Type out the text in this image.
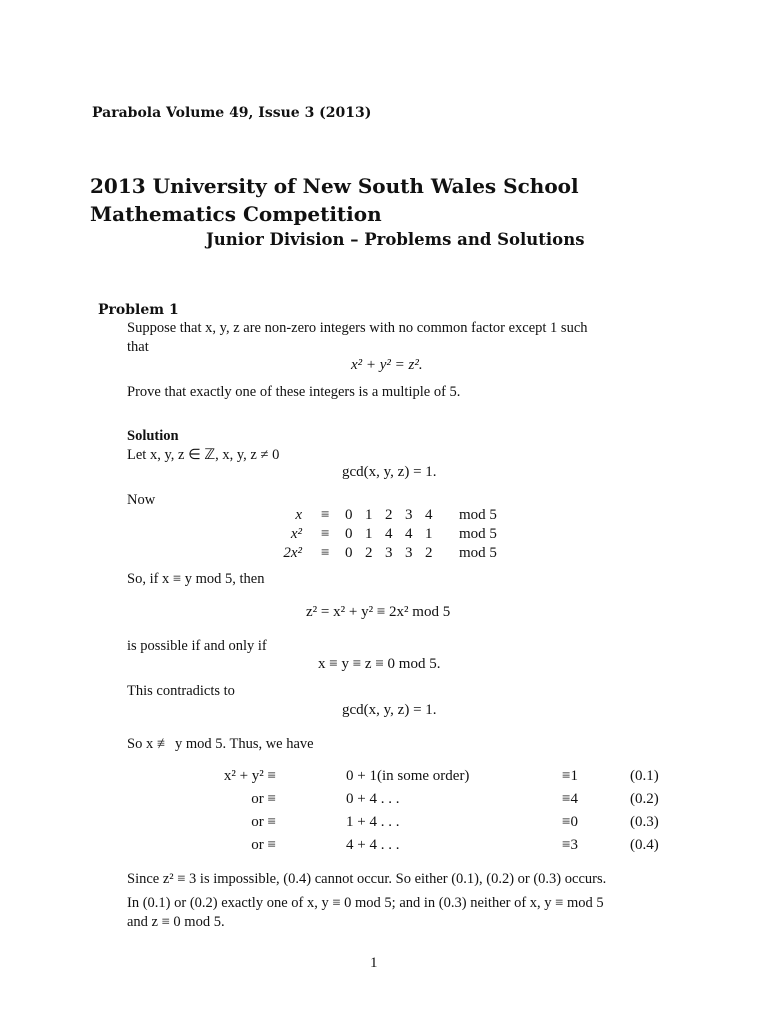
Parabola Volume 49, Issue 3 (2013)
2013 University of New South Wales School Mathematics Competition
Junior Division – Problems and Solutions
Problem 1
Suppose that x, y, z are non-zero integers with no common factor except 1 such
that
x² + y² = z².
Prove that exactly one of these integers is a multiple of 5.
Solution
Let x, y, z ∈ ℤ, x, y, z ≠ 0
gcd(x, y, z) = 1.
Now
x ≡ 0 1 2 3 4 mod 5
x² ≡ 0 1 4 4 1 mod 5
2x² ≡ 0 2 3 3 2 mod 5
So, if x ≡ y mod 5, then
z² = x² + y² ≡ 2x² mod 5
is possible if and only if
x ≡ y ≡ z ≡ 0 mod 5.
This contradicts to
gcd(x, y, z) = 1.
So x ≢ y mod 5. Thus, we have
x² + y² ≡	0 + 1(in some order)	≡1	(0.1)
or ≡	0 + 4 . . .	≡4	(0.2)
or ≡	1 + 4 . . .	≡0	(0.3)
or ≡	4 + 4 . . .	≡3	(0.4)
Since z² ≡ 3 is impossible, (0.4) cannot occur. So either (0.1), (0.2) or (0.3) occurs.
In (0.1) or (0.2) exactly one of x, y ≡ 0 mod 5; and in (0.3) neither of x, y ≡ mod 5
and z ≡ 0 mod 5.
1
